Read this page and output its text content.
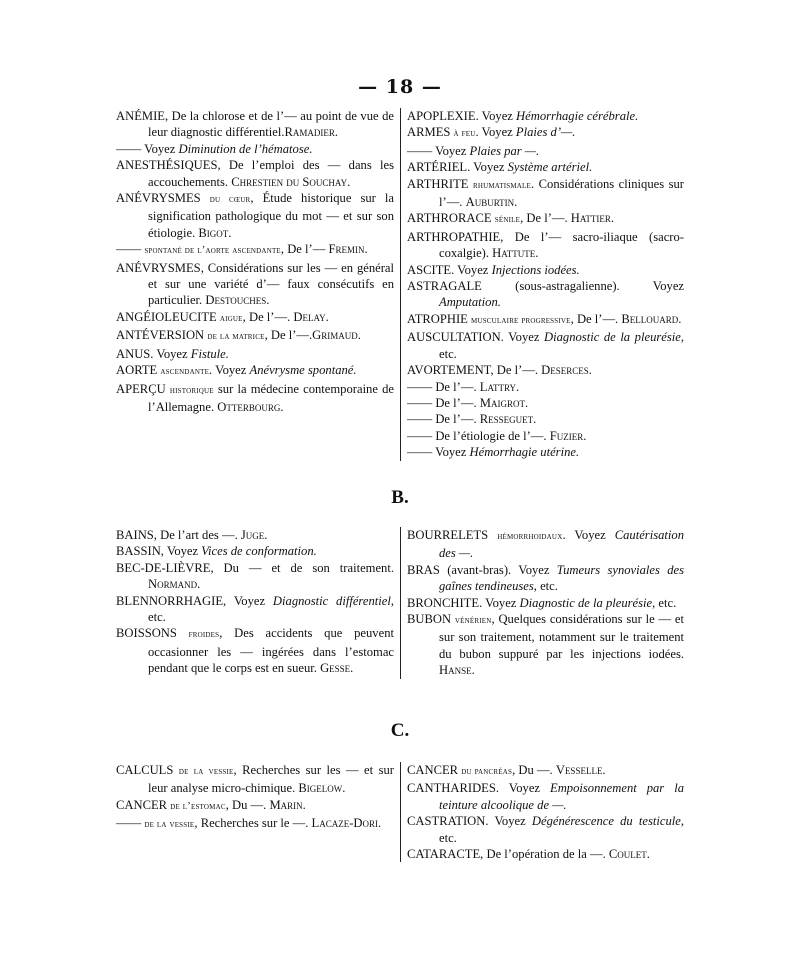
— 18 —

ANÉMIE, De la chlorose et de l’— au point de vue de leur diagnostic différentiel.Ramadier.

—— Voyez Diminution de l’hématose.

ANESTHÉSIQUES, De l’emploi des — dans les accouchements. Chrestien du Souchay.

ANÉVRYSMES du cœur, Étude historique sur la signification pathologique du mot — et sur son étiologie. Bigot.

—— spontané de l’aorte ascendante, De l’— Fremin.

ANÉVRYSMES, Considérations sur les — en général et sur une variété d’— faux consécutifs en particulier. Destouches.

ANGÉIOLEUCITE aigue, De l’—. Delay.

ANTÉVERSION de la matrice, De l’—.Grimaud.

ANUS. Voyez Fistule.

AORTE ascendante. Voyez Anévrysme spontané.

APERÇU historique sur la médecine contemporaine de l’Allemagne. Otterbourg.

APOPLEXIE. Voyez Hémorrhagie cérébrale.

ARMES à feu. Voyez Plaies d’—.

—— Voyez Plaies par —.

ARTÉRIEL. Voyez Système artériel.

ARTHRITE rhumatismale. Considérations cliniques sur l’—. Auburtin.

ARTHRORACE sénile, De l’—. Hattier.

ARTHROPATHIE, De l’— sacro-iliaque (sacro-coxalgie). Hattute.

ASCITE. Voyez Injections iodées.

ASTRAGALE (sous-astragalienne). Voyez Amputation.

ATROPHIE musculaire progressive, De l’—. Bellouard.

AUSCULTATION. Voyez Diagnostic de la pleurésie, etc.

AVORTEMENT, De l’—. Deserces.

—— De l’—. Lattry.

—— De l’—. Maigrot.

—— De l’—. Resseguet.

—— De l’étiologie de l’—. Fuzier.

—— Voyez Hémorrhagie utérine.

B.

BAINS, De l’art des —. Juge.

BASSIN, Voyez Vices de conformation.

BEC-DE-LIÈVRE, Du — et de son traitement. Normand.

BLENNORRHAGIE, Voyez Diagnostic différentiel, etc.

BOISSONS froides, Des accidents que peuvent occasionner les — ingérées dans l’estomac pendant que le corps est en sueur. Gesse.

BOURRELETS hémorrhoidaux. Voyez Cautérisation des —.

BRAS (avant-bras). Voyez Tumeurs synoviales des gaînes tendineuses, etc.

BRONCHITE. Voyez Diagnostic de la pleurésie, etc.

BUBON vénérien, Quelques considérations sur le — et sur son traitement, notamment sur le traitement du bubon suppuré par les injections iodées. Hanse.

C.

CALCULS de la vessie, Recherches sur les — et sur leur analyse micro-chimique. Bigelow.

CANCER de l’estomac, Du —. Marin.

—— de la vessie, Recherches sur le —. Lacaze-Dori.

CANCER du pancréas, Du —. Vesselle.

CANTHARIDES. Voyez Empoisonnement par la teinture alcoolique de —.

CASTRATION. Voyez Dégénérescence du testicule, etc.

CATARACTE, De l’opération de la —. Coulet.
